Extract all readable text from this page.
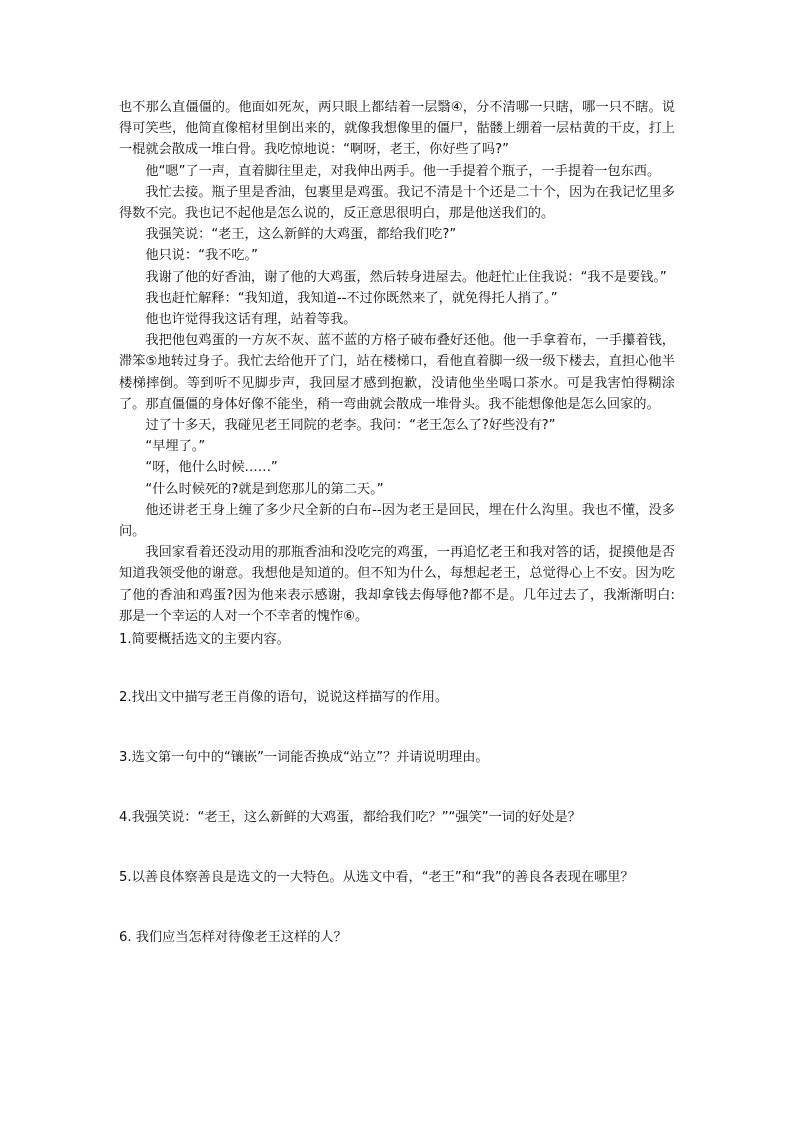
也不那么直僵僵的。他面如死灰，两只眼上都结着一层翳④，分不清哪一只瞎，哪一只不瞎。说得可笑些，他简直像棺材里倒出来的，就像我想像里的僵尸，骷髅上绷着一层枯黄的干皮，打上一棍就会散成一堆白骨。我吃惊地说：“啊呀，老王，你好些了吗?”

他“嗯”了一声，直着脚往里走，对我伸出两手。他一手提着个瓶子，一手提着一包东西。

我忙去接。瓶子里是香油，包裹里是鸡蛋。我记不清是十个还是二十个，因为在我记忆里多得数不完。我也记不起他是怎么说的，反正意思很明白，那是他送我们的。

我强笑说：“老王，这么新鲜的大鸡蛋，都给我们吃?”

他只说：“我不吃。”

我谢了他的好香油，谢了他的大鸡蛋，然后转身进屋去。他赶忙止住我说：“我不是要钱。”

我也赶忙解释：“我知道，我知道--不过你既然来了，就免得托人捎了。”

他也许觉得我这话有理，站着等我。

我把他包鸡蛋的一方灰不灰、蓝不蓝的方格子破布叠好还他。他一手拿着布，一手攥着钱，滞笨⑤地转过身子。我忙去给他开了门，站在楼梯口，看他直着脚一级一级下楼去，直担心他半楼梯摔倒。等到听不见脚步声，我回屋才感到抱歉，没请他坐坐喝口茶水。可是我害怕得糊涂了。那直僵僵的身体好像不能坐，稍一弯曲就会散成一堆骨头。我不能想像他是怎么回家的。

过了十多天，我碰见老王同院的老李。我问：“老王怎么了?好些没有?”

“早埋了。”

“呀，他什么时候……”

“什么时候死的?就是到您那儿的第二天。”

他还讲老王身上缠了多少尺全新的白布--因为老王是回民，埋在什么沟里。我也不懂，没多问。

我回家看着还没动用的那瓶香油和没吃完的鸡蛋，一再追忆老王和我对答的话，捉摸他是否知道我领受他的谢意。我想他是知道的。但不知为什么，每想起老王，总觉得心上不安。因为吃了他的香油和鸡蛋?因为他来表示感谢，我却拿钱去侮辱他?都不是。几年过去了，我渐渐明白:那是一个幸运的人对一个不幸者的愧怍⑥。

1.简要概括选文的主要内容。

2.找出文中描写老王肖像的语句，说说这样描写的作用。

3.选文第一句中的“镶嵌”一词能否换成“站立”？并请说明理由。

4.我强笑说：“老王，这么新鲜的大鸡蛋，都给我们吃？”“强笑”一词的好处是？

5.以善良体察善良是选文的一大特色。从选文中看，“老王”和“我”的善良各表现在哪里？

6. 我们应当怎样对待像老王这样的人？
